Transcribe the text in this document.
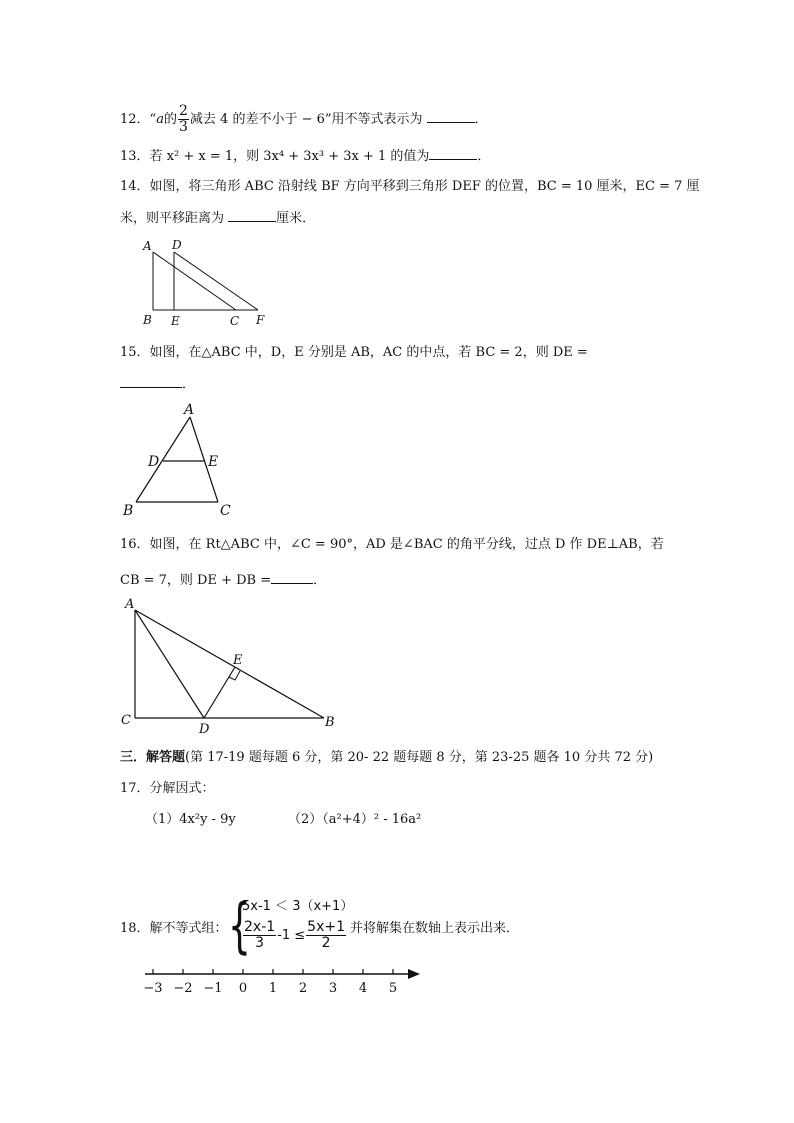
12．“a的 $\frac{2}{3}$ 减去 4 的差不小于 − 6”用不等式表示为	．
13．若 x² + x = 1，则 3x⁴ + 3x³ + 3x + 1 的值为	．
14．如图，将三角形 ABC 沿射线 BF 方向平移到三角形 DEF 的位置，BC = 10 厘米，EC = 7 厘
米，则平移距离为	厘米．
A D
B E	C F
15．如图，在△ABC 中，D，E 分别是 AB，AC 的中点，若 BC = 2，则 DE =
．
A
D	E
B	C
16．如图，在 Rt△ABC 中，∠C = 90°，AD 是∠BAC 的角平分线，过点 D 作 DE⊥AB，若
CB = 7，则 DE + DB =	．
A
E
C
D	B
三．解答题(第 17-19 题每题 6 分，第 20- 22 题每题 8 分，第 23-25 题各 10 分共 72 分)
17．分解因式：
（1）4x²y - 9y	（2）（a²+4）² - 16a²
18．解不等式组： {
5x-1 ＜ 3（x+1）
$\frac{2x-1}{3} -1 \le \frac{5x+1}{2}$ 并将解集在数轴上表示出来．
−3 −2 −1 0 1 2 3 4 5
